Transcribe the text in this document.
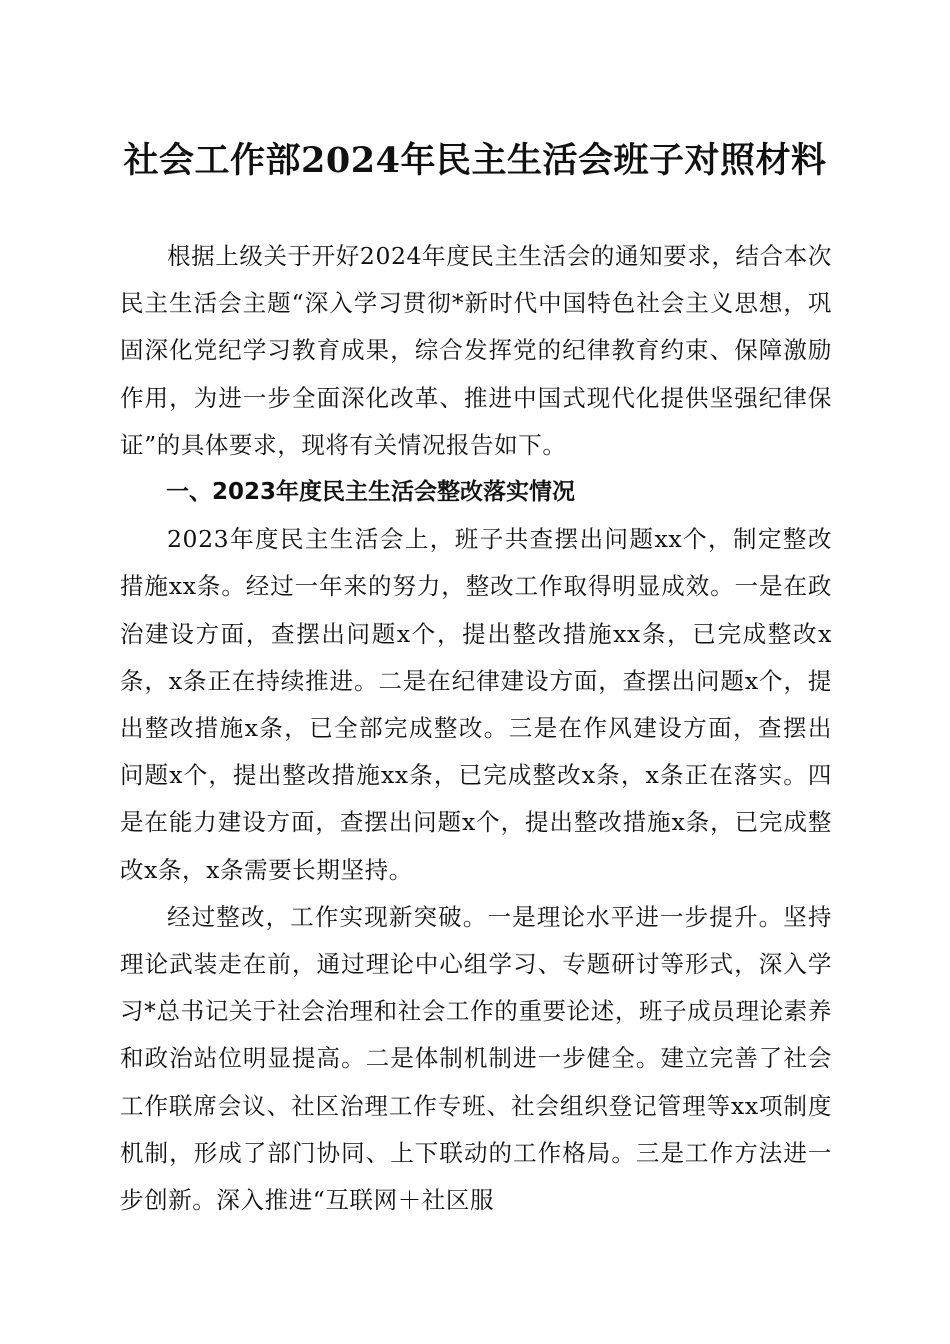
社会工作部2024年民主生活会班子对照材料

根据上级关于开好2024年度民主生活会的通知要求，结合本次民主生活会主题“深入学习贯彻*新时代中国特色社会主义思想，巩固深化党纪学习教育成果，综合发挥党的纪律教育约束、保障激励作用，为进一步全面深化改革、推进中国式现代化提供坚强纪律保证”的具体要求，现将有关情况报告如下。

一、2023年度民主生活会整改落实情况

2023年度民主生活会上，班子共查摆出问题xx个，制定整改措施xx条。经过一年来的努力，整改工作取得明显成效。一是在政治建设方面，查摆出问题x个，提出整改措施xx条，已完成整改x条，x条正在持续推进。二是在纪律建设方面，查摆出问题x个，提出整改措施x条，已全部完成整改。三是在作风建设方面，查摆出问题x个，提出整改措施xx条，已完成整改x条，x条正在落实。四是在能力建设方面，查摆出问题x个，提出整改措施x条，已完成整改x条，x条需要长期坚持。

经过整改，工作实现新突破。一是理论水平进一步提升。坚持理论武装走在前，通过理论中心组学习、专题研讨等形式，深入学习*总书记关于社会治理和社会工作的重要论述，班子成员理论素养和政治站位明显提高。二是体制机制进一步健全。建立完善了社会工作联席会议、社区治理工作专班、社会组织登记管理等xx项制度机制，形成了部门协同、上下联动的工作格局。三是工作方法进一步创新。深入推进“互联网＋社区服
